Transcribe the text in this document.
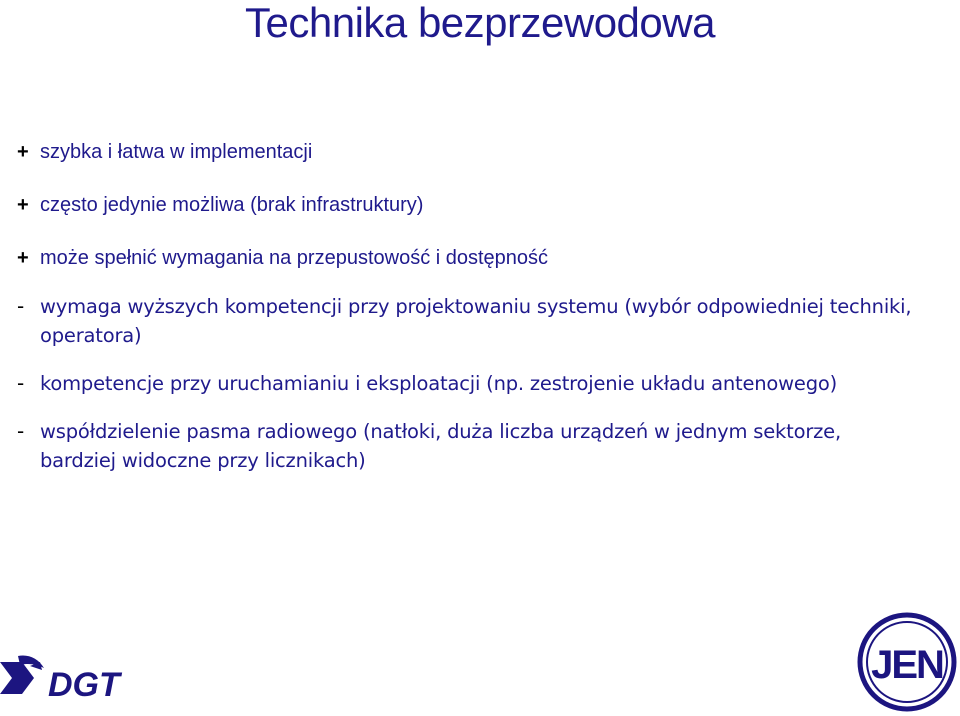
Technika bezprzewodowa
+ szybka i łatwa w implementacji
+ często jedynie możliwa (brak infrastruktury)
+ może spełnić wymagania na przepustowość i dostępność
- wymaga wyższych kompetencji przy projektowaniu systemu (wybór odpowiedniej techniki, operatora)
- kompetencje przy uruchamianiu i eksploatacji (np. zestrojenie układu antenowego)
- współdzielenie pasma radiowego (natłoki, duża liczba urządzeń w jednym sektorze, bardziej widoczne przy licznikach)
DGT	JEN
